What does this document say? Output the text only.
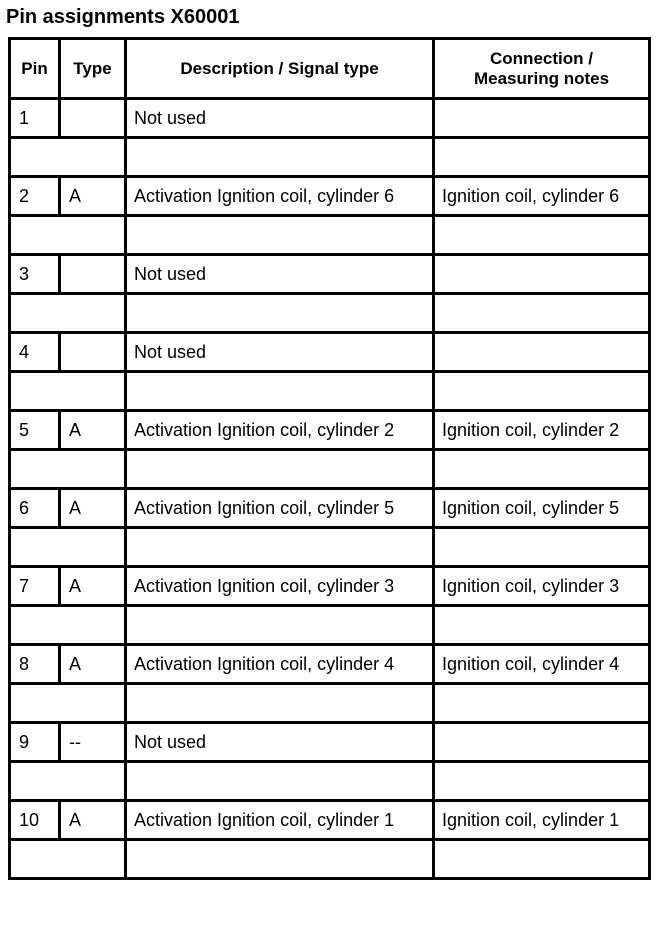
Pin assignments X60001
Pin	Type	Description / Signal type	Connection / Measuring notes
1		Not used	

2	A	Activation Ignition coil, cylinder 6	Ignition coil, cylinder 6

3		Not used	

4		Not used	

5	A	Activation Ignition coil, cylinder 2	Ignition coil, cylinder 2

6	A	Activation Ignition coil, cylinder 5	Ignition coil, cylinder 5

7	A	Activation Ignition coil, cylinder 3	Ignition coil, cylinder 3

8	A	Activation Ignition coil, cylinder 4	Ignition coil, cylinder 4

9	--	Not used	

10	A	Activation Ignition coil, cylinder 1	Ignition coil, cylinder 1
